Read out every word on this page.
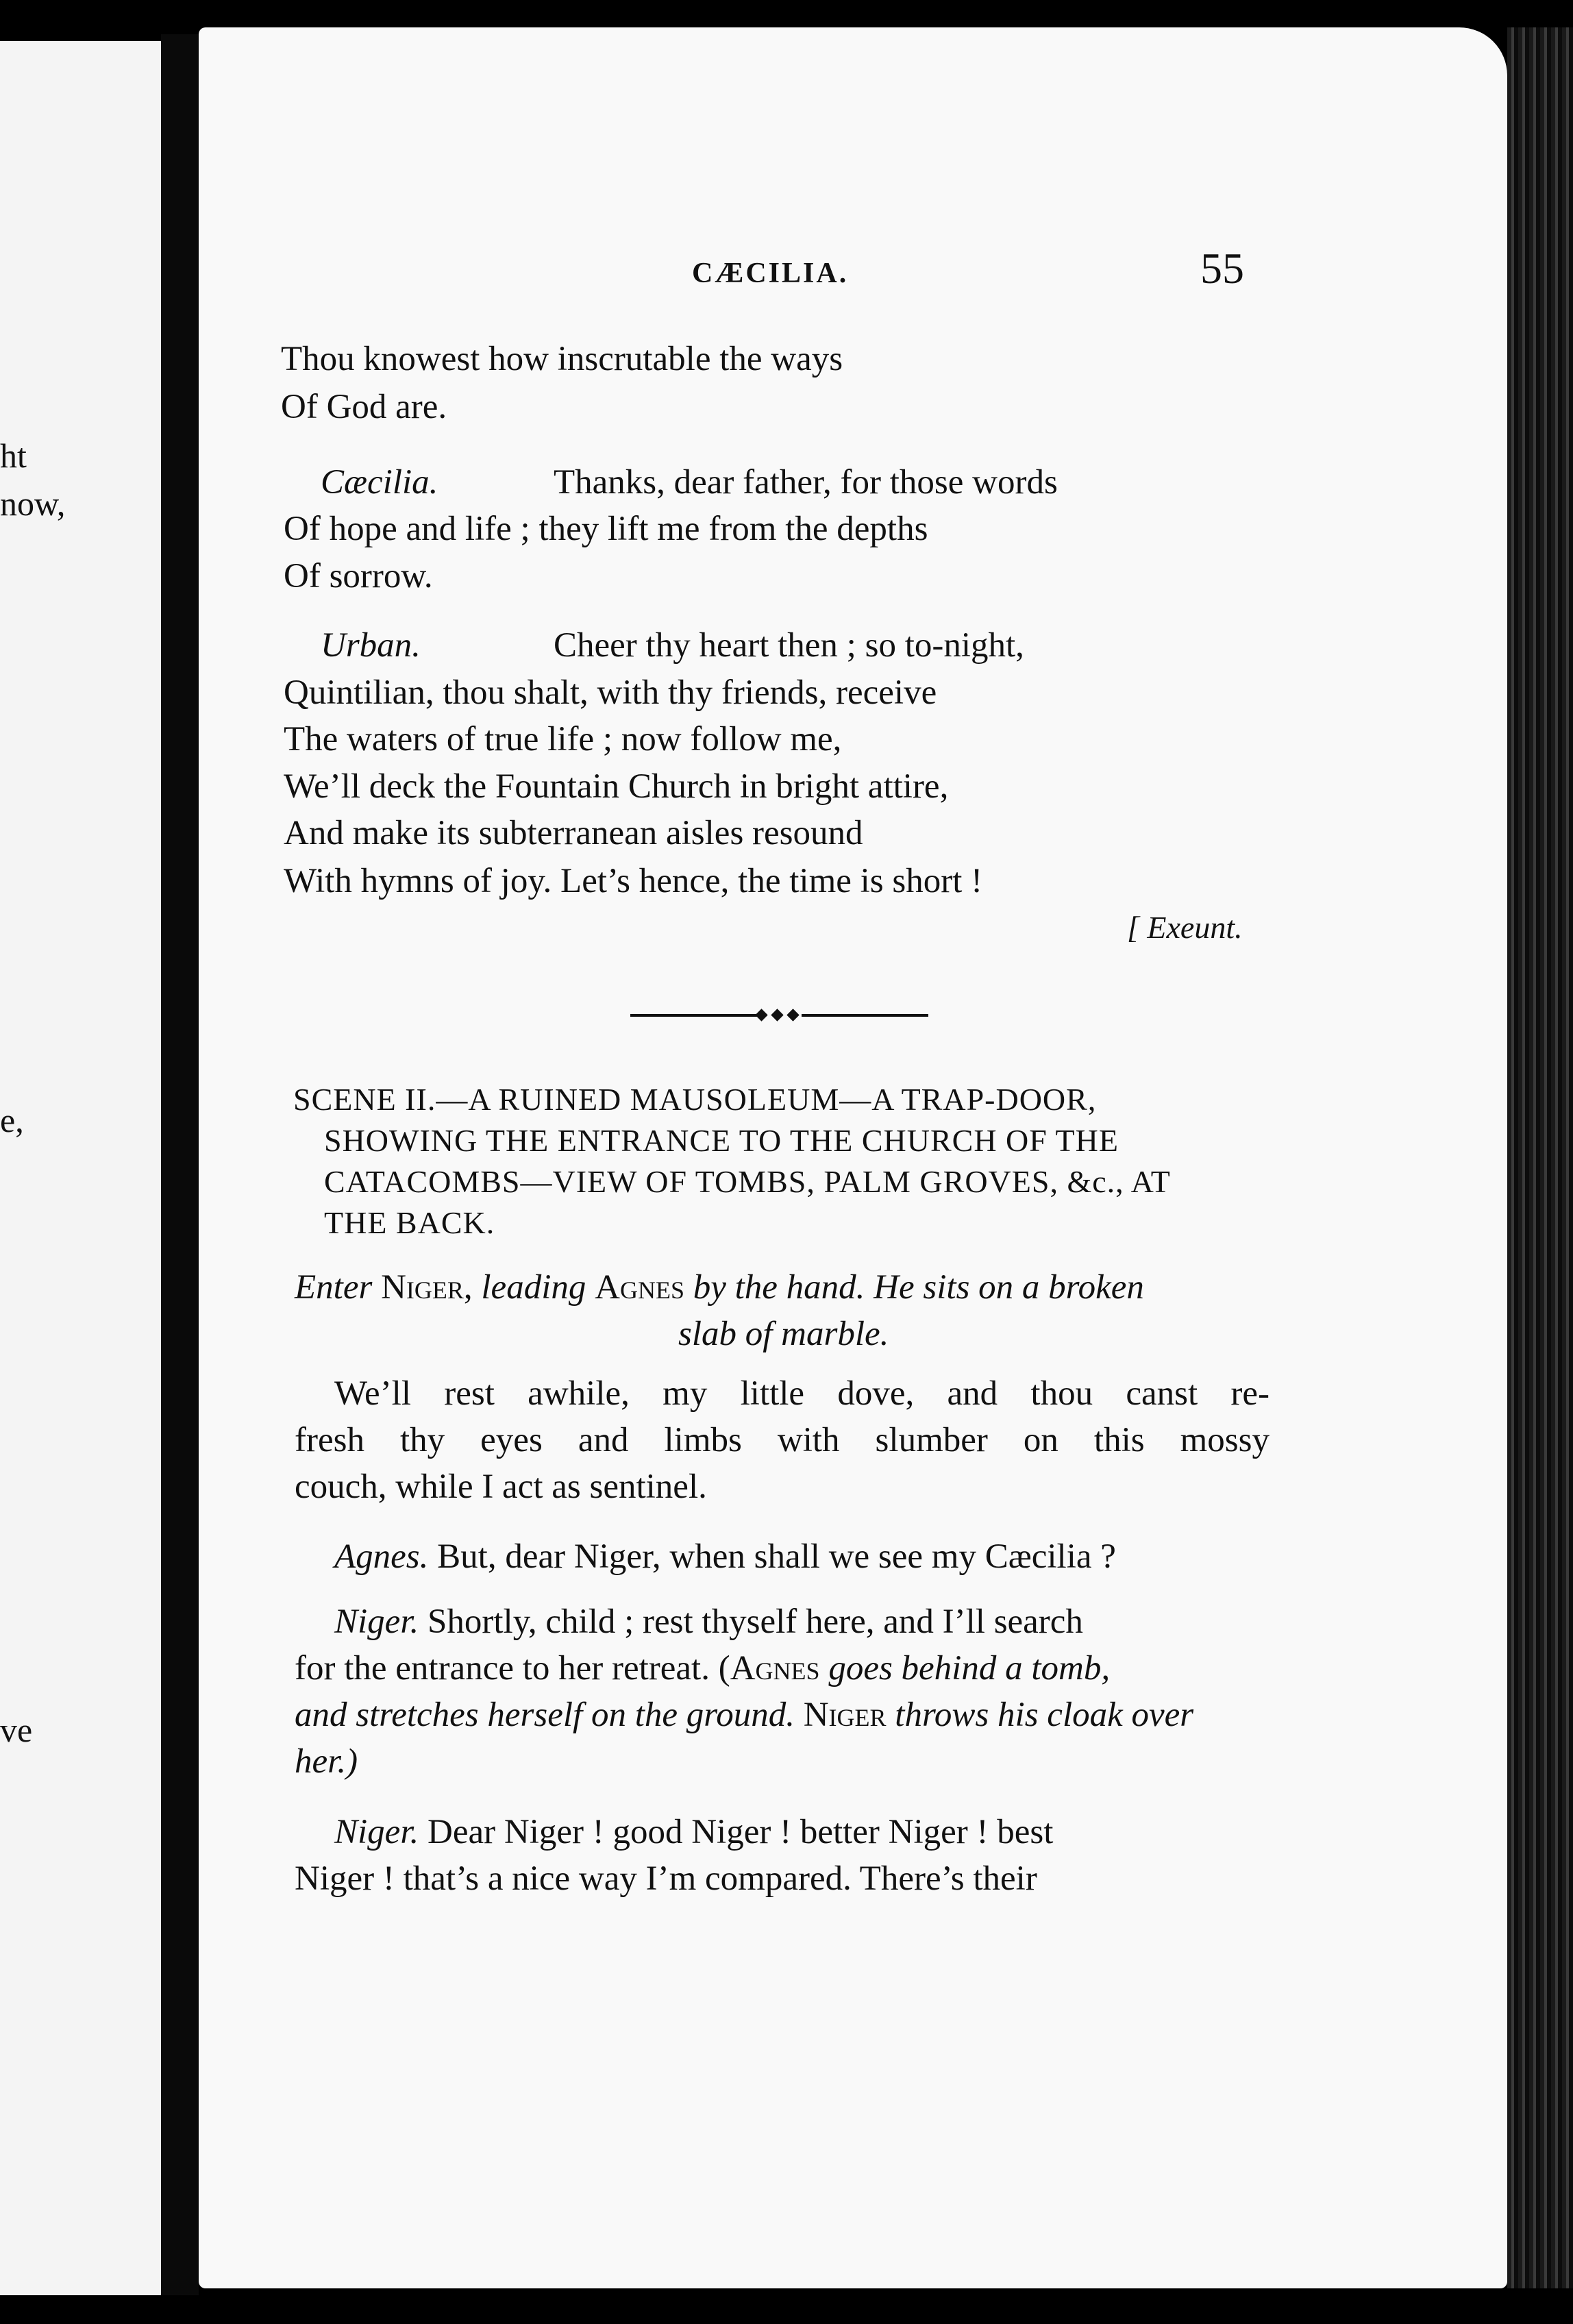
ht
now,
e,
ve
CÆCILIA.	55
Thou knowest how inscrutable the ways
Of God are.
Cæcilia.	Thanks, dear father, for those words
Of hope and life ; they lift me from the depths
Of sorrow.
Urban.	Cheer thy heart then ; so to-night,
Quintilian, thou shalt, with thy friends, receive
The waters of true life ; now follow me,
We’ll deck the Fountain Church in bright attire,
And make its subterranean aisles resound
With hymns of joy. Let’s hence, the time is short !
[ Exeunt.
SCENE II.—A RUINED MAUSOLEUM—A TRAP-DOOR,
SHOWING THE ENTRANCE TO THE CHURCH OF THE
CATACOMBS—VIEW OF TOMBS, PALM GROVES, &c., AT
THE BACK.
Enter Niger, leading Agnes by the hand. He sits on a broken
slab of marble.
We’ll rest awhile, my little dove, and thou canst re-
fresh thy eyes and limbs with slumber on this mossy
couch, while I act as sentinel.
Agnes. But, dear Niger, when shall we see my Cæcilia ?
Niger. Shortly, child ; rest thyself here, and I’ll search
for the entrance to her retreat. (Agnes goes behind a tomb,
and stretches herself on the ground. Niger throws his cloak over
her.)
Niger. Dear Niger ! good Niger ! better Niger ! best
Niger ! that’s a nice way I’m compared. There’s their
